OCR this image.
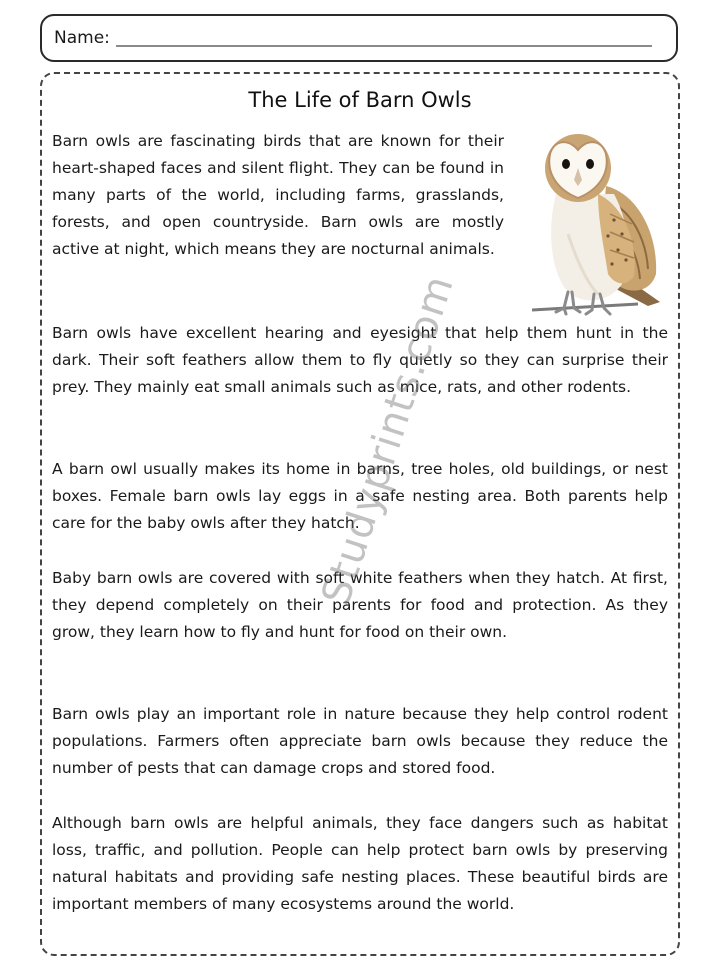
Name:
The Life of Barn Owls

Barn owls are fascinating birds that are known for their heart-shaped faces and silent flight. They can be found in many parts of the world, including farms, grasslands, forests, and open countryside. Barn owls are mostly active at night, which means they are nocturnal animals.

Barn owls have excellent hearing and eyesight that help them hunt in the dark. Their soft feathers allow them to fly quietly so they can surprise their prey. They mainly eat small animals such as mice, rats, and other rodents.

A barn owl usually makes its home in barns, tree holes, old buildings, or nest boxes. Female barn owls lay eggs in a safe nesting area. Both parents help care for the baby owls after they hatch.

Baby barn owls are covered with soft white feathers when they hatch. At first, they depend completely on their parents for food and protection. As they grow, they learn how to fly and hunt for food on their own.

Barn owls play an important role in nature because they help control rodent populations. Farmers often appreciate barn owls because they reduce the number of pests that can damage crops and stored food.

Although barn owls are helpful animals, they face dangers such as habitat loss, traffic, and pollution. People can help protect barn owls by preserving natural habitats and providing safe nesting places. These beautiful birds are important members of many ecosystems around the world.

Studyprints.com
